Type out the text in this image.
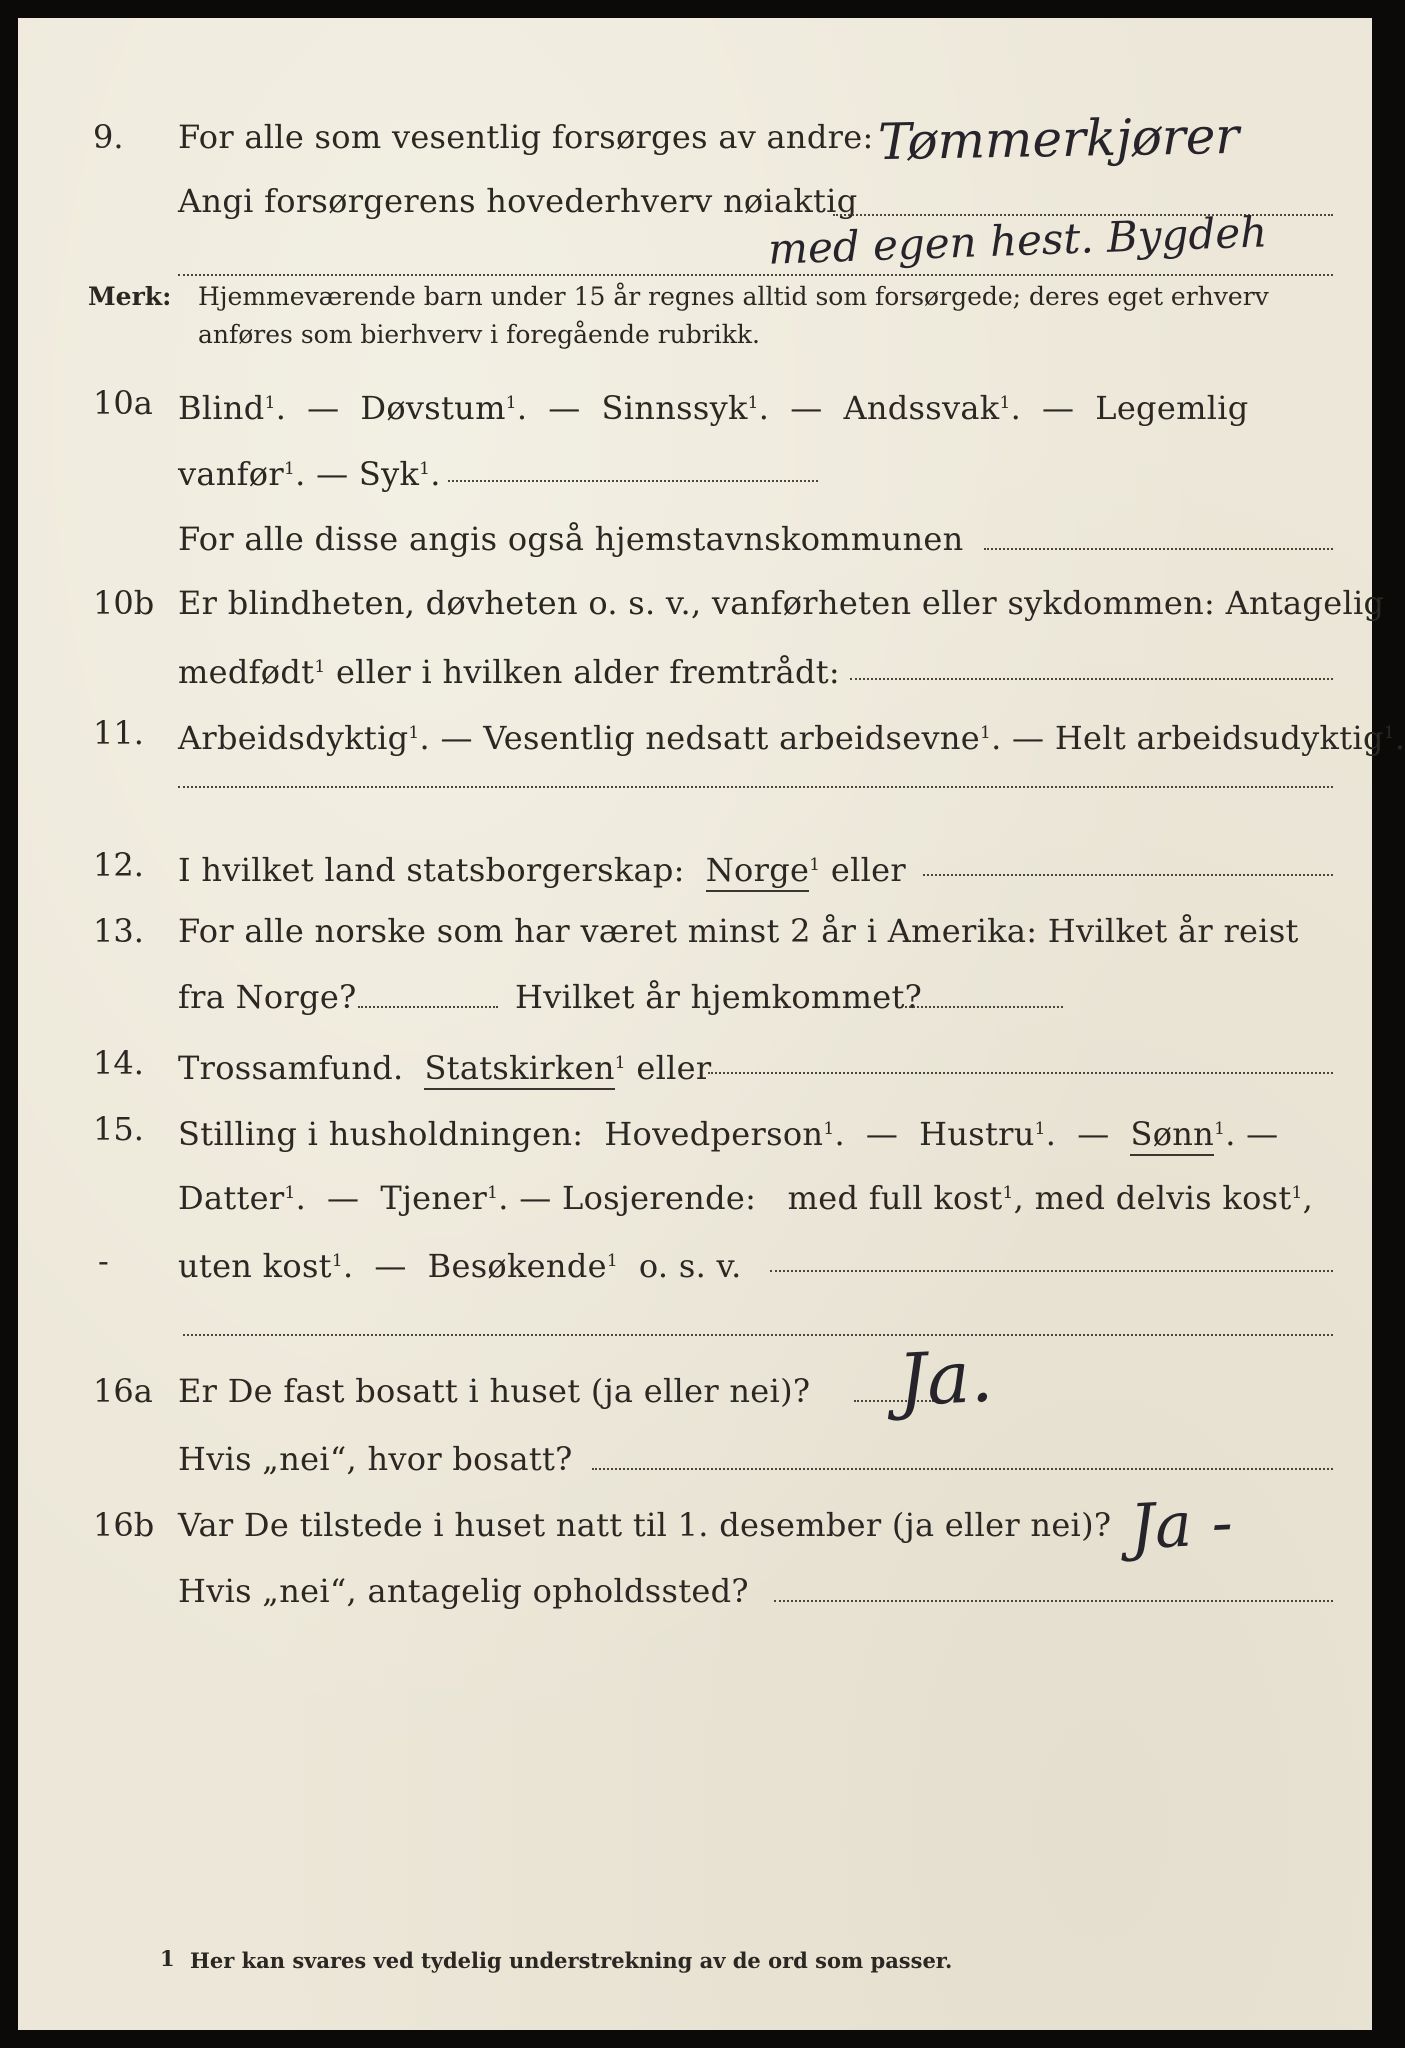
9. For alle som vesentlig forsørges av andre: Tømmerkjører
Angi forsørgerens hovederhverv nøiaktig
med egen hest. Bygdeh
Merk: Hjemmeværende barn under 15 år regnes alltid som forsørgede; deres eget erhverv
anføres som bierhverv i foregående rubrikk.
10a Blind$^1$.  — Døvstum$^1$.  — Sinnssyk$^1$.  — Andssvak$^1$.  — Legemlig
vanfør$^1$. — Syk$^1$.
For alle disse angis også hjemstavnskommunen
10b Er blindheten, døvheten o. s. v., vanførheten eller sykdommen: Antagelig
medfødt$^1$ eller i hvilken alder fremtrådt:
11. Arbeidsdyktig$^1$. — Vesentlig nedsatt arbeidsevne$^1$. — Helt arbeidsudyktig$^1$.
12. I hvilket land statsborgerskap: Norge$^1$ eller
13. For alle norske som har været minst 2 år i Amerika: Hvilket år reist
fra Norge?	Hvilket år hjemkommet?
14. Trossamfund. Statskirken$^1$ eller
15. Stilling i husholdningen: Hovedperson$^1$.  — Hustru$^1$.  — Sønn$^1$. —
Datter$^1$.  — Tjener$^1$. — Losjerende: med full kost$^1$, med delvis kost$^1$,
- uten kost$^1$.  — Besøkende$^1$ o. s. v.
16a Er De fast bosatt i huset (ja eller nei)? Ja.
Hvis „nei“, hvor bosatt?
16b Var De tilstede i huset natt til 1. desember (ja eller nei)? Ja -
Hvis „nei“, antagelig opholdssted?
1 Her kan svares ved tydelig understrekning av de ord som passer.
